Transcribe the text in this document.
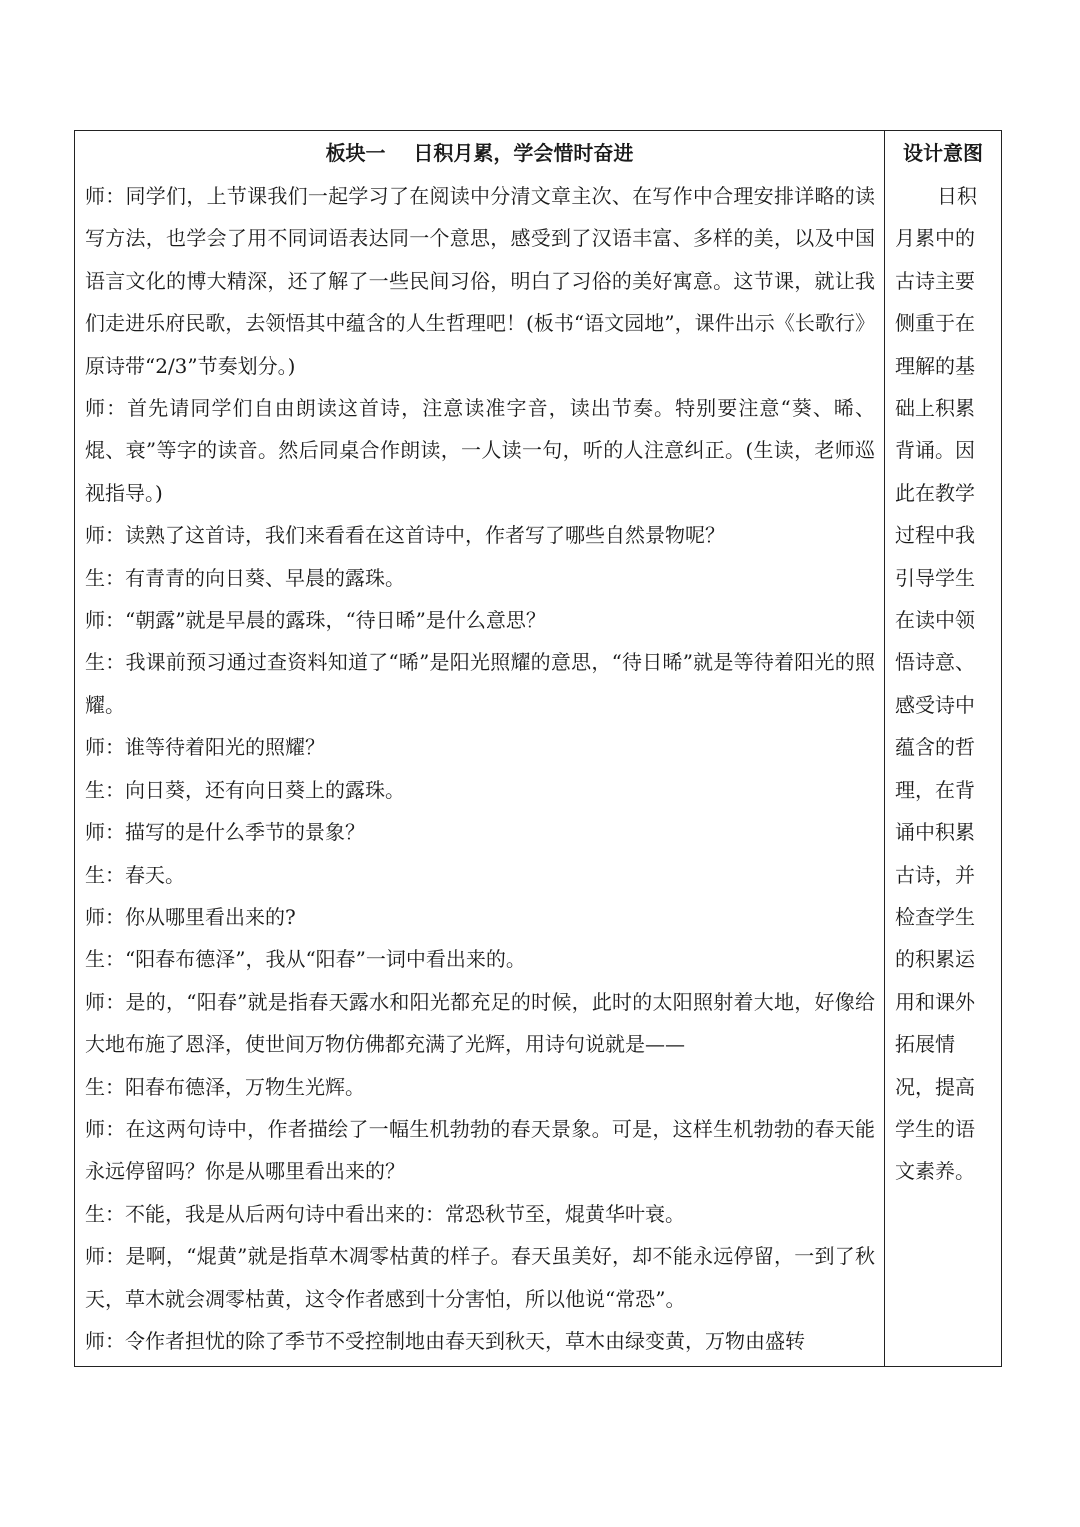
板块一    日积月累，学会惜时奋进

师：同学们，上节课我们一起学习了在阅读中分清文章主次、在写作中合理安排详略的读写方法，也学会了用不同词语表达同一个意思，感受到了汉语丰富、多样的美，以及中国语言文化的博大精深，还了解了一些民间习俗，明白了习俗的美好寓意。这节课，就让我们走进乐府民歌，去领悟其中蕴含的人生哲理吧！(板书“语文园地”，课件出示《长歌行》原诗带“2/3”节奏划分。)

师：首先请同学们自由朗读这首诗，注意读准字音，读出节奏。特别要注意“葵、晞、焜、衰”等字的读音。然后同桌合作朗读，一人读一句，听的人注意纠正。(生读，老师巡视指导。)

师：读熟了这首诗，我们来看看在这首诗中，作者写了哪些自然景物呢？

生：有青青的向日葵、早晨的露珠。

师：“朝露”就是早晨的露珠，“待日晞”是什么意思？

生：我课前预习通过查资料知道了“晞”是阳光照耀的意思，“待日晞”就是等待着阳光的照耀。

师：谁等待着阳光的照耀？

生：向日葵，还有向日葵上的露珠。

师：描写的是什么季节的景象？

生：春天。

师：你从哪里看出来的?

生：“阳春布德泽”，我从“阳春”一词中看出来的。

师：是的，“阳春”就是指春天露水和阳光都充足的时候，此时的太阳照射着大地，好像给大地布施了恩泽，使世间万物仿佛都充满了光辉，用诗句说就是——

生：阳春布德泽，万物生光辉。

师：在这两句诗中，作者描绘了一幅生机勃勃的春天景象。可是，这样生机勃勃的春天能永远停留吗？你是从哪里看出来的？

生：不能，我是从后两句诗中看出来的：常恐秋节至，焜黄华叶衰。

师：是啊，“焜黄”就是指草木凋零枯黄的样子。春天虽美好，却不能永远停留，一到了秋天，草木就会凋零枯黄，这令作者感到十分害怕，所以他说“常恐”。

师：令作者担忧的除了季节不受控制地由春天到秋天，草木由绿变黄，万物由盛转

设计意图
日积
月累中的
古诗主要
侧重于在
理解的基
础上积累
背诵。因
此在教学
过程中我
引导学生
在读中领
悟诗意、
感受诗中
蕴含的哲
理，在背
诵中积累
古诗，并
检查学生
的积累运
用和课外
拓展情
况，提高
学生的语
文素养。
